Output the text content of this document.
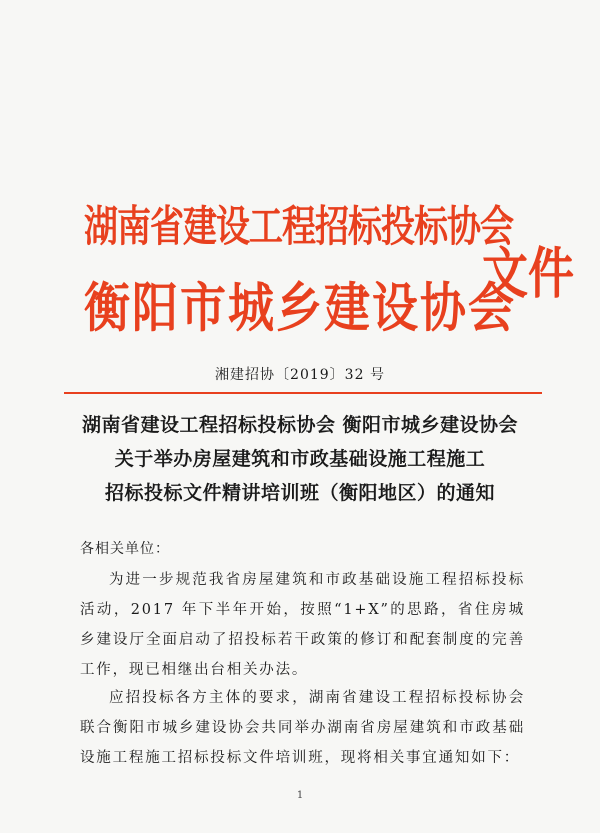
湖南省建设工程招标投标协会
衡阳市城乡建设协会
文件
湘建招协〔2019〕32 号
湖南省建设工程招标投标协会 衡阳市城乡建设协会
关于举办房屋建筑和市政基础设施工程施工
招标投标文件精讲培训班（衡阳地区）的通知
各相关单位：
为进一步规范我省房屋建筑和市政基础设施工程招标投标活动，2017 年下半年开始，按照“1+X”的思路，省住房城乡建设厅全面启动了招投标若干政策的修订和配套制度的完善工作，现已相继出台相关办法。
应招投标各方主体的要求，湖南省建设工程招标投标协会联合衡阳市城乡建设协会共同举办湖南省房屋建筑和市政基础设施工程施工招标投标文件培训班，现将相关事宜通知如下：
1
